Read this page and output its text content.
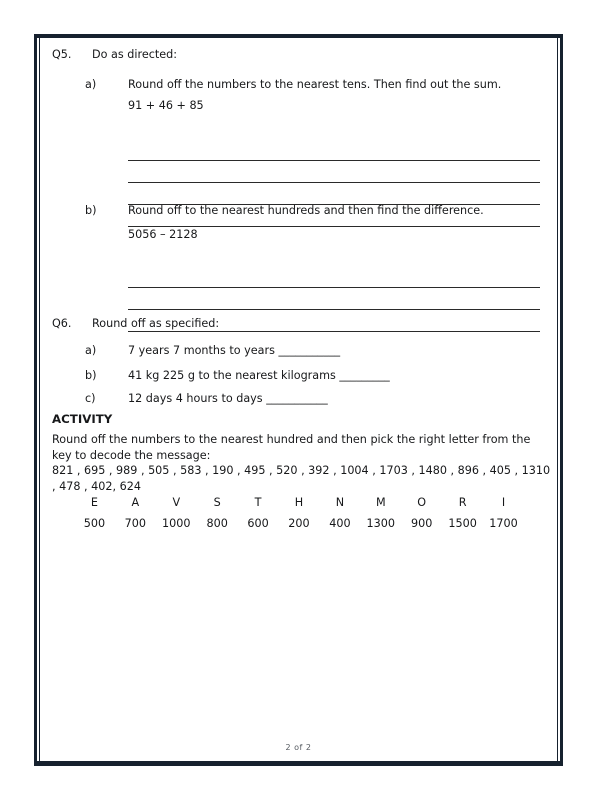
Q5. Do as directed:
a)	Round off the numbers to the nearest tens. Then find out the sum.
91 + 46 + 85
b)	Round off to the nearest hundreds and then find the difference.
5056 – 2128
Q6. Round off as specified:
a)	7 years 7 months to years ___________
b)	41 kg 225 g to the nearest kilograms _________
c)	12 days 4 hours to days ___________
ACTIVITY
Round off the numbers to the nearest hundred and then pick the right letter from the key to decode the message:
821 , 695 , 989 , 505 , 583 , 190 , 495 , 520 , 392 , 1004 , 1703 , 1480 , 896 , 405 , 1310 , 478 , 402, 624
E	A	V	S	T	H	N	M	O	R	I
500	700	1000	800	600	200	400	1300	900	1500	1700
2 of 2
